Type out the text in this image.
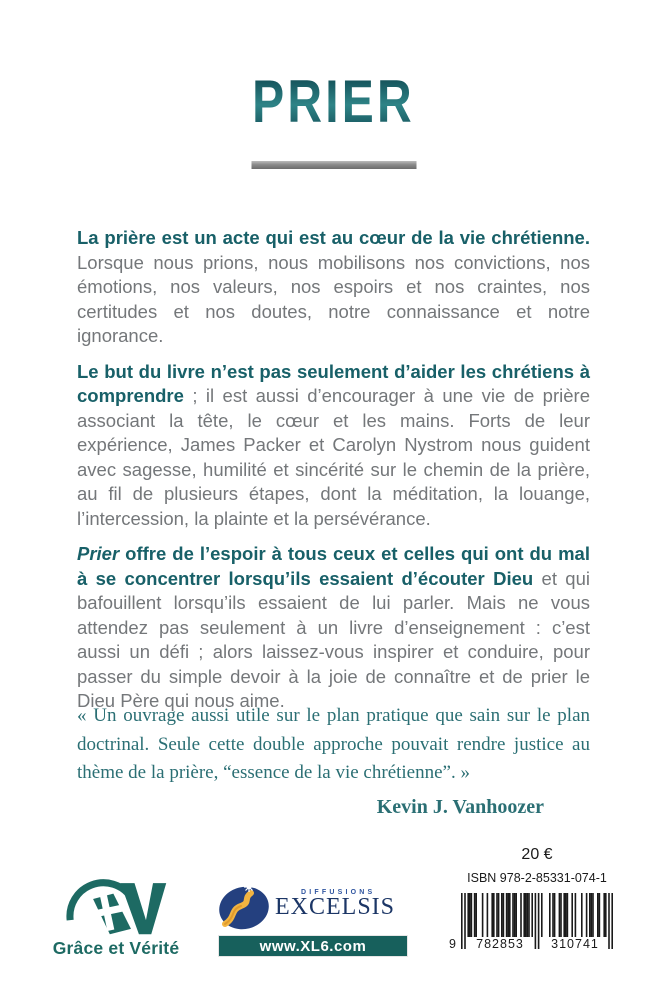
PRIER

La prière est un acte qui est au cœur de la vie chrétienne. Lorsque nous prions, nous mobilisons nos convictions, nos émotions, nos valeurs, nos espoirs et nos craintes, nos certitudes et nos doutes, notre connaissance et notre ignorance.

Le but du livre n’est pas seulement d’aider les chrétiens à comprendre ; il est aussi d’encourager à une vie de prière associant la tête, le cœur et les mains. Forts de leur expérience, James Packer et Carolyn Nystrom nous guident avec sagesse, humilité et sincérité sur le chemin de la prière, au fil de plusieurs étapes, dont la méditation, la louange, l’intercession, la plainte et la persévérance.

Prier offre de l’espoir à tous ceux et celles qui ont du mal à se concentrer lorsqu’ils essaient d’écouter Dieu et qui bafouillent lorsqu’ils essaient de lui parler. Mais ne vous attendez pas seulement à un livre d’enseignement : c’est aussi un défi ; alors laissez-vous inspirer et conduire, pour passer du simple devoir à la joie de connaître et de prier le Dieu Père qui nous aime.

« Un ouvrage aussi utile sur le plan pratique que sain sur le plan doctrinal. Seule cette double approche pouvait rendre justice au thème de la prière, “essence de la vie chrétienne”. »
Kevin J. Vanhoozer
Grâce et Vérité
DIFFUSIONS
EXCELSIS
www.XL6.com
20 €
ISBN 978-2-85331-074-1
9	782853	310741
